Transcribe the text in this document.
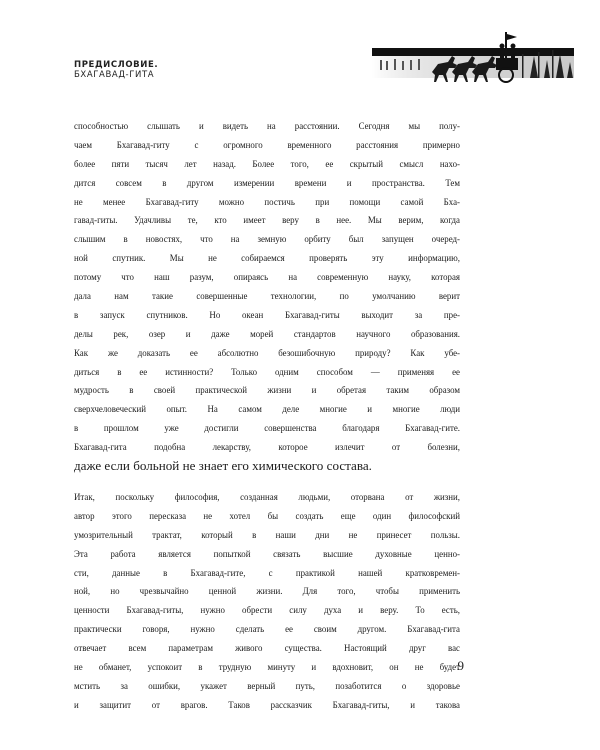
ПРЕДИСЛОВИЕ.
БХАГАВАД-ГИТА

способностью слышать и видеть на расстоянии. Сегодня мы полу-
чаем Бхагавад-гиту с огромного временного расстояния примерно
более пяти тысяч лет назад. Более того, ее скрытый смысл нахо-
дится совсем в другом измерении времени и пространства. Тем
не менее Бхагавад-гиту можно постичь при помощи самой Бха-
гавад-гиты. Удачливы те, кто имеет веру в нее. Мы верим, когда
слышим в новостях, что на земную орбиту был запущен очеред-
ной спутник. Мы не собираемся проверять эту информацию,
потому что наш разум, опираясь на современную науку, которая
дала нам такие совершенные технологии, по умолчанию верит
в запуск спутников. Но океан Бхагавад-гиты выходит за пре-
делы рек, озер и даже морей стандартов научного образования.
Как же доказать ее абсолютно безошибочную природу? Как убе-
диться в ее истинности? Только одним способом — применяя ее
мудрость в своей практической жизни и обретая таким образом
сверхчеловеческий опыт. На самом деле многие и многие люди
в прошлом уже достигли совершенства благодаря Бхагавад-гите.
Бхагавад-гита подобна лекарству, которое излечит от болезни,
даже если больной не знает его химического состава.

Итак, поскольку философия, созданная людьми, оторвана от жизни,
автор этого пересказа не хотел бы создать еще один философский
умозрительный трактат, который в наши дни не принесет пользы.
Эта работа является попыткой связать высшие духовные ценно-
сти, данные в Бхагавад-гите, с практикой нашей кратковремен-
ной, но чрезвычайно ценной жизни. Для того, чтобы применить
ценности Бхагавад-гиты, нужно обрести силу духа и веру. То есть,
практически говоря, нужно сделать ее своим другом. Бхагавад-гита
отвечает всем параметрам живого существа. Настоящий друг вас
не обманет, успокоит в трудную минуту и вдохновит, он не будет
мстить за ошибки, укажет верный путь, позаботится о здоровье
и защитит от врагов. Таков рассказчик Бхагавад-гиты, и такова

9
